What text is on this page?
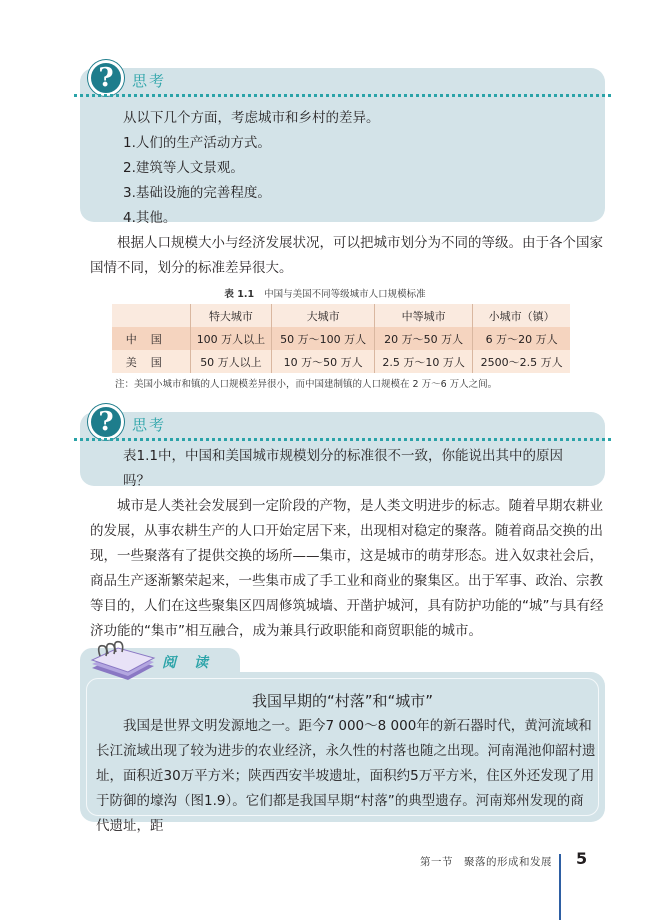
?	思考
从以下几个方面，考虑城市和乡村的差异。
1.人们的生产活动方式。
2.建筑等人文景观。
3.基础设施的完善程度。
4.其他。
根据人口规模大小与经济发展状况，可以把城市划分为不同的等级。由于各个国家国情不同，划分的标准差异很大。
表 1.1 中国与美国不同等级城市人口规模标准
	特大城市	大城市	中等城市	小城市（镇）
中国	100 万人以上	50 万～100 万人	20 万～50 万人	6 万～20 万人
美国	50 万人以上	10 万～50 万人	2.5 万～10 万人	2500～2.5 万人
注：美国小城市和镇的人口规模差异很小，而中国建制镇的人口规模在 2 万～6 万人之间。
?	思考
表1.1中，中国和美国城市规模划分的标准很不一致，你能说出其中的原因吗？
城市是人类社会发展到一定阶段的产物，是人类文明进步的标志。随着早期农耕业的发展，从事农耕生产的人口开始定居下来，出现相对稳定的聚落。随着商品交换的出现，一些聚落有了提供交换的场所——集市，这是城市的萌芽形态。进入奴隶社会后，商品生产逐渐繁荣起来，一些集市成了手工业和商业的聚集区。出于军事、政治、宗教等目的，人们在这些聚集区四周修筑城墙、开凿护城河，具有防护功能的“城”与具有经济功能的“集市”相互融合，成为兼具行政职能和商贸职能的城市。
阅读
我国早期的“村落”和“城市”
我国是世界文明发源地之一。距今7 000～8 000年的新石器时代，黄河流域和长江流域出现了较为进步的农业经济，永久性的村落也随之出现。河南渑池仰韶村遗址，面积近30万平方米；陕西西安半坡遗址，面积约5万平方米，住区外还发现了用于防御的壕沟（图1.9）。它们都是我国早期“村落”的典型遗存。河南郑州发现的商代遗址，距
第一节　聚落的形成和发展 5
